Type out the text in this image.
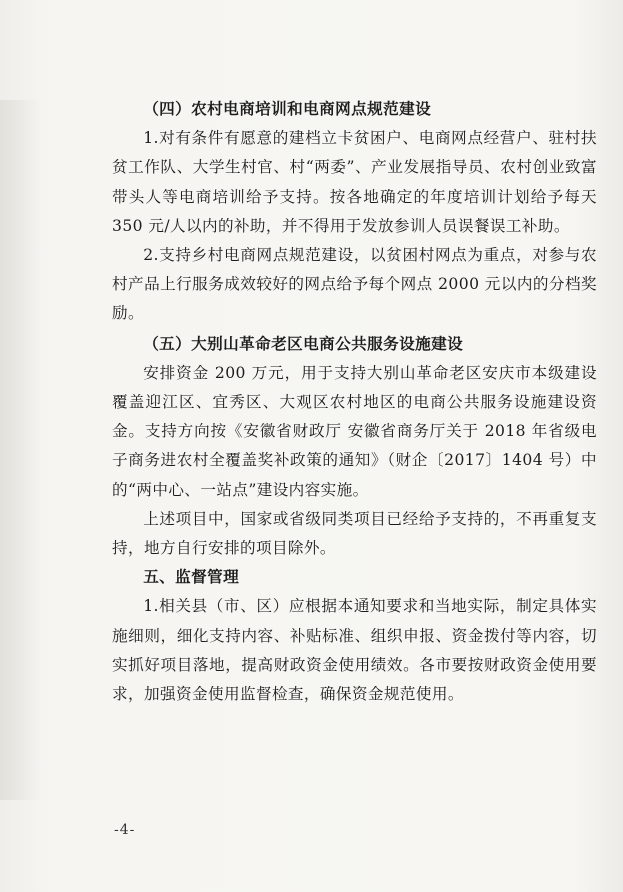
（四）农村电商培训和电商网点规范建设

1.对有条件有愿意的建档立卡贫困户、电商网点经营户、驻村扶贫工作队、大学生村官、村“两委”、产业发展指导员、农村创业致富带头人等电商培训给予支持。按各地确定的年度培训计划给予每天 350 元/人以内的补助，并不得用于发放参训人员误餐误工补助。

2.支持乡村电商网点规范建设，以贫困村网点为重点，对参与农村产品上行服务成效较好的网点给予每个网点 2000 元以内的分档奖励。

（五）大别山革命老区电商公共服务设施建设

安排资金 200 万元，用于支持大别山革命老区安庆市本级建设覆盖迎江区、宜秀区、大观区农村地区的电商公共服务设施建设资金。支持方向按《安徽省财政厅 安徽省商务厅关于 2018 年省级电子商务进农村全覆盖奖补政策的通知》（财企〔2017〕1404 号）中的“两中心、一站点”建设内容实施。

上述项目中，国家或省级同类项目已经给予支持的，不再重复支持，地方自行安排的项目除外。

五、监督管理

1.相关县（市、区）应根据本通知要求和当地实际，制定具体实施细则，细化支持内容、补贴标准、组织申报、资金拨付等内容，切实抓好项目落地，提高财政资金使用绩效。各市要按财政资金使用要求，加强资金使用监督检查，确保资金规范使用。

-4-
